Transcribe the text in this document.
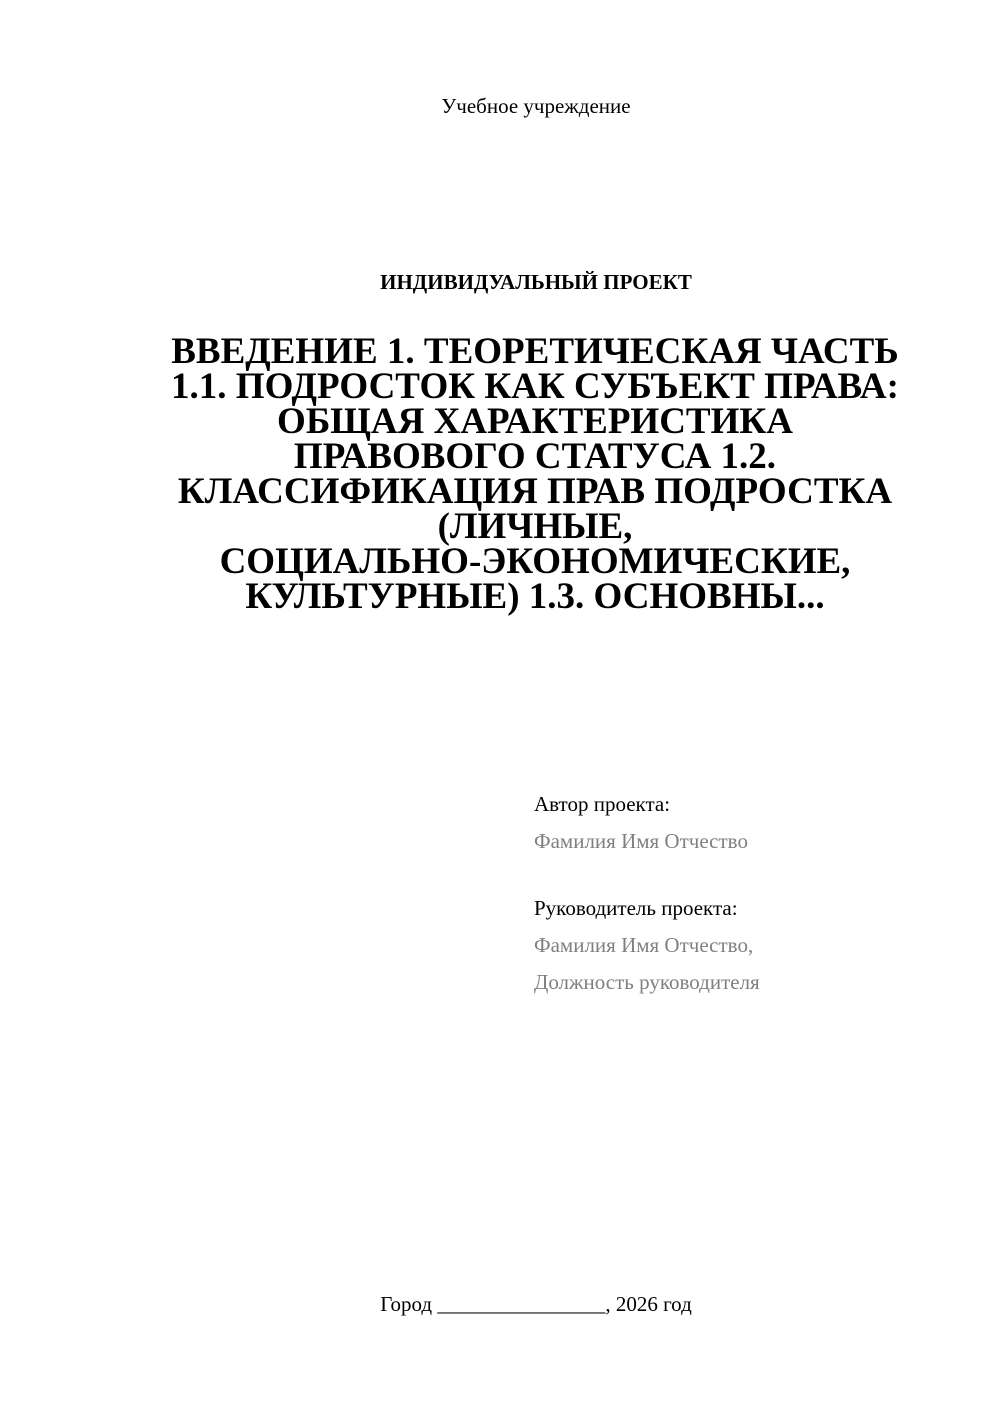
Учебное учреждение
ИНДИВИДУАЛЬНЫЙ ПРОЕКТ
ВВЕДЕНИЕ 1. ТЕОРЕТИЧЕСКАЯ ЧАСТЬ
1.1. ПОДРОСТОК КАК СУБЪЕКТ ПРАВА:
ОБЩАЯ ХАРАКТЕРИСТИКА
ПРАВОВОГО СТАТУСА 1.2.
КЛАССИФИКАЦИЯ ПРАВ ПОДРОСТКА
(ЛИЧНЫЕ,
СОЦИАЛЬНО-ЭКОНОМИЧЕСКИЕ,
КУЛЬТУРНЫЕ) 1.3. ОСНОВНЫ...
Автор проекта:
Фамилия Имя Отчество
Руководитель проекта:
Фамилия Имя Отчество,
Должность руководителя
Город ________________, 2026 год
